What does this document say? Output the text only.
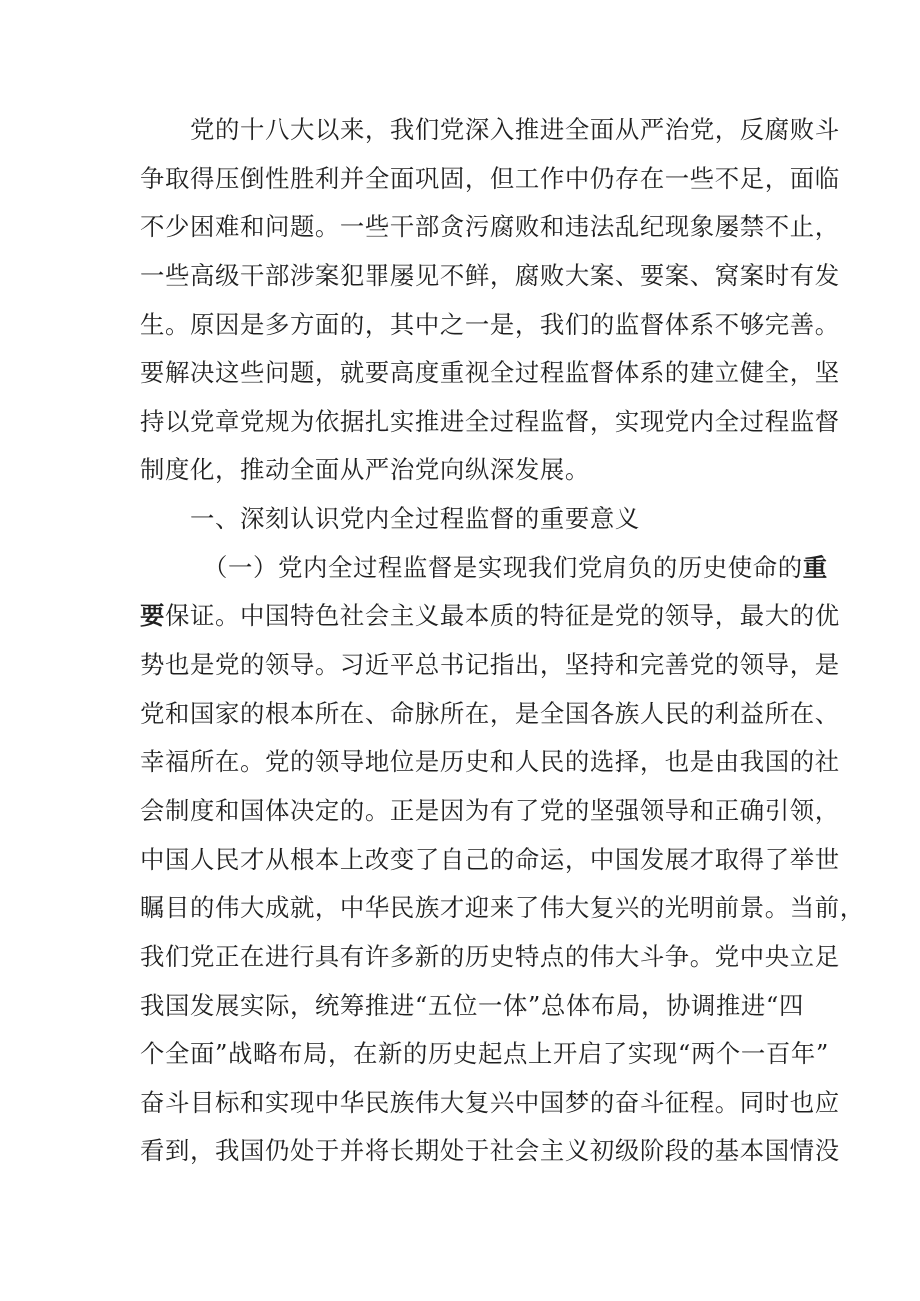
党的十八大以来，我们党深入推进全面从严治党，反腐败斗
争取得压倒性胜利并全面巩固，但工作中仍存在一些不足，面临
不少困难和问题。一些干部贪污腐败和违法乱纪现象屡禁不止，
一些高级干部涉案犯罪屡见不鲜，腐败大案、要案、窝案时有发
生。原因是多方面的，其中之一是，我们的监督体系不够完善。
要解决这些问题，就要高度重视全过程监督体系的建立健全，坚
持以党章党规为依据扎实推进全过程监督，实现党内全过程监督
制度化，推动全面从严治党向纵深发展。
一、深刻认识党内全过程监督的重要意义
（一）党内全过程监督是实现我们党肩负的历史使命的重
要保证。中国特色社会主义最本质的特征是党的领导，最大的优
势也是党的领导。习近平总书记指出，坚持和完善党的领导，是
党和国家的根本所在、命脉所在，是全国各族人民的利益所在、
幸福所在。党的领导地位是历史和人民的选择，也是由我国的社
会制度和国体决定的。正是因为有了党的坚强领导和正确引领，
中国人民才从根本上改变了自己的命运，中国发展才取得了举世
瞩目的伟大成就，中华民族才迎来了伟大复兴的光明前景。当前，
我们党正在进行具有许多新的历史特点的伟大斗争。党中央立足
我国发展实际，统筹推进“五位一体”总体布局，协调推进“四
个全面”战略布局，在新的历史起点上开启了实现“两个一百年”
奋斗目标和实现中华民族伟大复兴中国梦的奋斗征程。同时也应
看到，我国仍处于并将长期处于社会主义初级阶段的基本国情没
